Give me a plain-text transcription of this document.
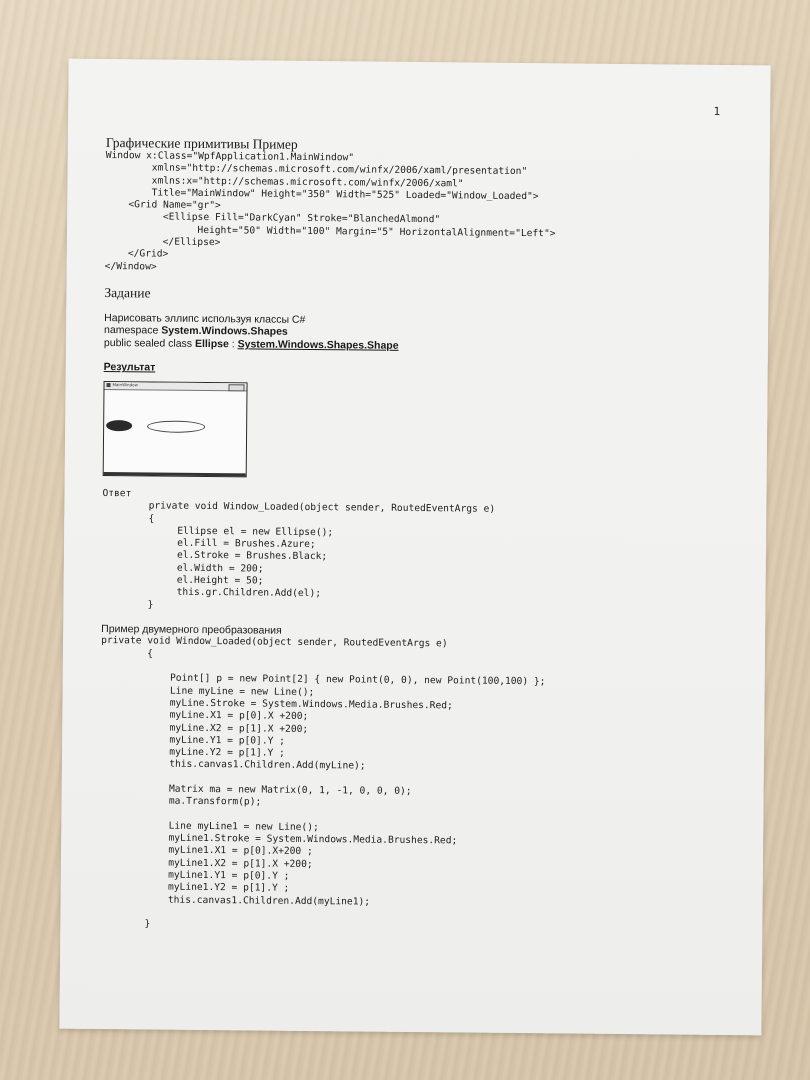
1
Графические примитивы Пример
Window x:Class="WpfApplication1.MainWindow"
xmlns="http://schemas.microsoft.com/winfx/2006/xaml/presentation"
xmlns:x="http://schemas.microsoft.com/winfx/2006/xaml"
Title="MainWindow" Height="350" Width="525" Loaded="Window_Loaded">
<Grid Name="gr">
<Ellipse Fill="DarkCyan" Stroke="BlanchedAlmond"
Height="50" Width="100" Margin="5" HorizontalAlignment="Left">
</Ellipse>
</Grid>
</Window>
Задание
Нарисовать эллипс используя классы C#
namespace System.Windows.Shapes
public sealed class Ellipse : System.Windows.Shapes.Shape
Результат
MainWindow
Ответ
private void Window_Loaded(object sender, RoutedEventArgs e)
{
Ellipse el = new Ellipse();
el.Fill = Brushes.Azure;
el.Stroke = Brushes.Black;
el.Width = 200;
el.Height = 50;
this.gr.Children.Add(el);
}
Пример двумерного преобразования
private void Window_Loaded(object sender, RoutedEventArgs e)
{

Point[] p = new Point[2] { new Point(0, 0), new Point(100,100) };
Line myLine = new Line();
myLine.Stroke = System.Windows.Media.Brushes.Red;
myLine.X1 = p[0].X +200;
myLine.X2 = p[1].X +200;
myLine.Y1 = p[0].Y ;
myLine.Y2 = p[1].Y ;
this.canvas1.Children.Add(myLine);

Matrix ma = new Matrix(0, 1, -1, 0, 0, 0);
ma.Transform(p);

Line myLine1 = new Line();
myLine1.Stroke = System.Windows.Media.Brushes.Red;
myLine1.X1 = p[0].X+200 ;
myLine1.X2 = p[1].X +200;
myLine1.Y1 = p[0].Y ;
myLine1.Y2 = p[1].Y ;
this.canvas1.Children.Add(myLine1);

}
